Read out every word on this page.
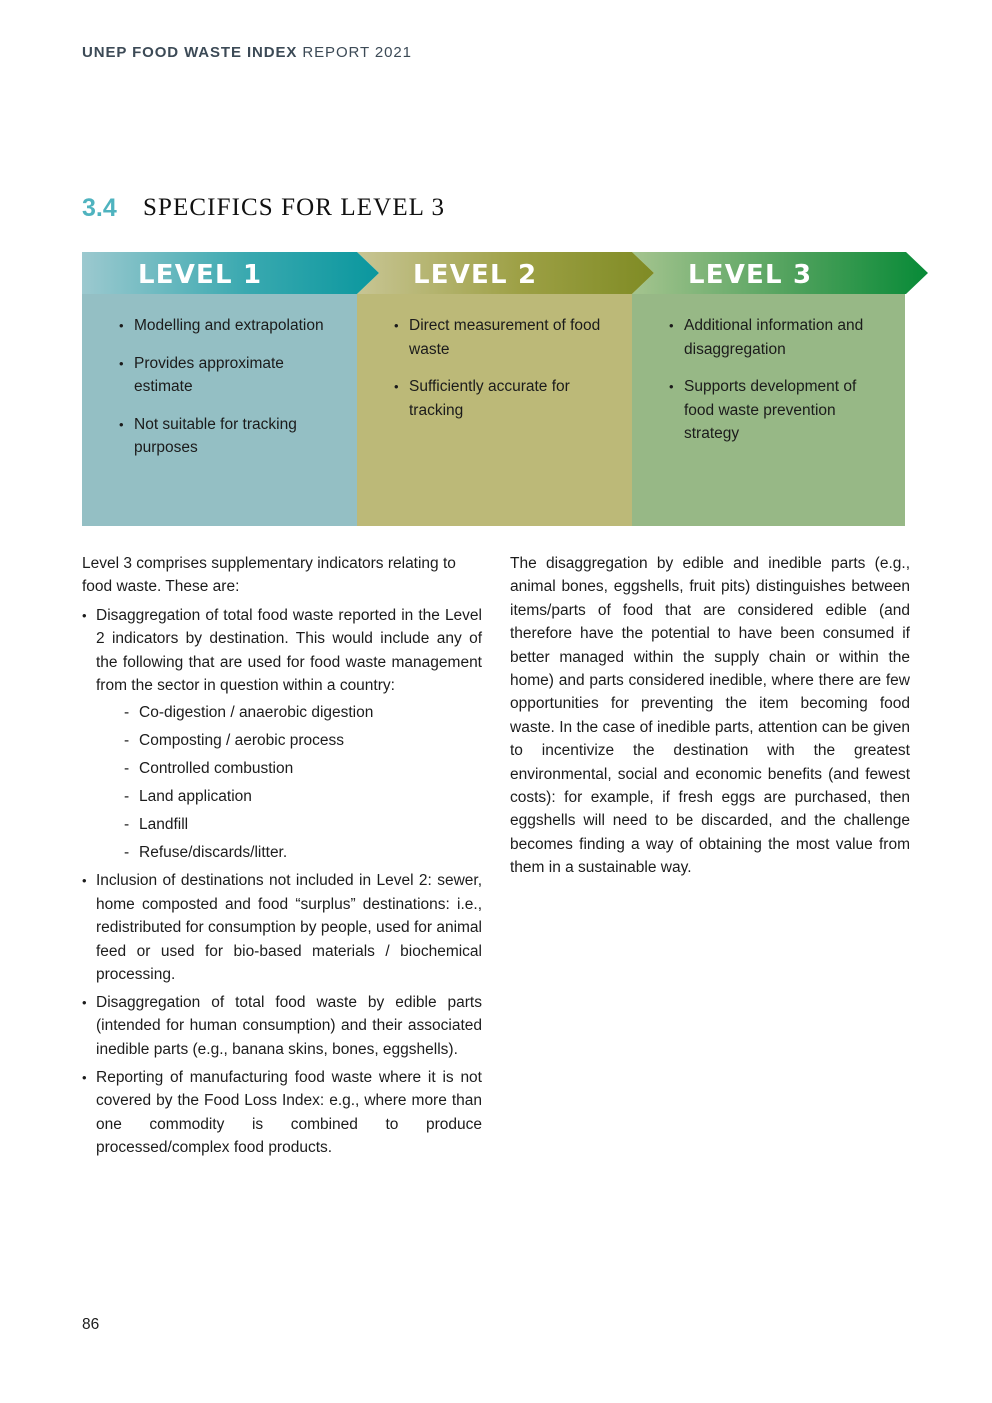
UNEP FOOD WASTE INDEX REPORT 2021
3.4 SPECIFICS FOR LEVEL 3
LEVEL 1	LEVEL 2	LEVEL 3
• Modelling and extrapolation
• Provides approximate estimate
• Not suitable for tracking purposes
• Direct measurement of food waste
• Sufficiently accurate for tracking
• Additional information and disaggregation
• Supports development of food waste prevention strategy

Level 3 comprises supplementary indicators relating to food waste. These are:

• Disaggregation of total food waste reported in the Level 2 indicators by destination. This would include any of the following that are used for food waste management from the sector in question within a country:
- Co-digestion / anaerobic digestion
- Composting / aerobic process
- Controlled combustion
- Land application
- Landfill
- Refuse/discards/litter.
• Inclusion of destinations not included in Level 2: sewer, home composted and food “surplus” destinations: i.e., redistributed for consumption by people, used for animal feed or used for bio-based materials / biochemical processing.
• Disaggregation of total food waste by edible parts (intended for human consumption) and their associated inedible parts (e.g., banana skins, bones, eggshells).
• Reporting of manufacturing food waste where it is not covered by the Food Loss Index: e.g., where more than one commodity is combined to produce processed/complex food products.

The disaggregation by edible and inedible parts (e.g., animal bones, eggshells, fruit pits) distinguishes between items/parts of food that are considered edible (and therefore have the potential to have been consumed if better managed within the supply chain or within the home) and parts considered inedible, where there are few opportunities for preventing the item becoming food waste. In the case of inedible parts, attention can be given to incentivize the destination with the greatest environmental, social and economic benefits (and fewest costs): for example, if fresh eggs are purchased, then eggshells will need to be discarded, and the challenge becomes finding a way of obtaining the most value from them in a sustainable way.

86
